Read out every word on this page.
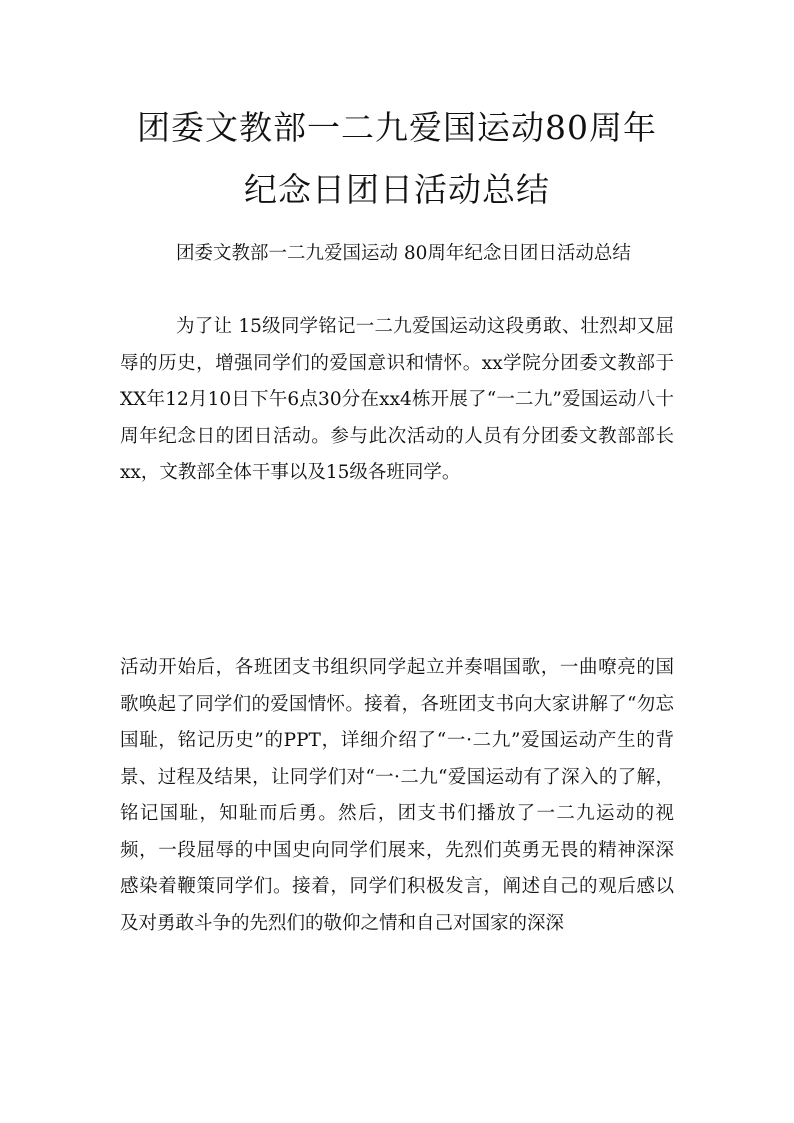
团委文教部一二九爱国运动80周年
纪念日团日活动总结

团委文教部一二九爱国运动 80周年纪念日团日活动总结

为了让 15级同学铭记一二九爱国运动这段勇敢、壮烈却又屈辱的历史，增强同学们的爱国意识和情怀。xx学院分团委文教部于 XX年12月10日下午6点30分在xx4栋开展了“一二九”爱国运动八十周年纪念日的团日活动。参与此次活动的人员有分团委文教部部长 xx，文教部全体干事以及15级各班同学。

活动开始后，各班团支书组织同学起立并奏唱国歌，一曲嘹亮的国歌唤起了同学们的爱国情怀。接着，各班团支书向大家讲解了“勿忘国耻，铭记历史”的PPT，详细介绍了“一·二九”爱国运动产生的背景、过程及结果，让同学们对“一·二九“爱国运动有了深入的了解，铭记国耻，知耻而后勇。然后，团支书们播放了一二九运动的视频，一段屈辱的中国史向同学们展来，先烈们英勇无畏的精神深深感染着鞭策同学们。接着，同学们积极发言，阐述自己的观后感以及对勇敢斗争的先烈们的敬仰之情和自己对国家的深深
